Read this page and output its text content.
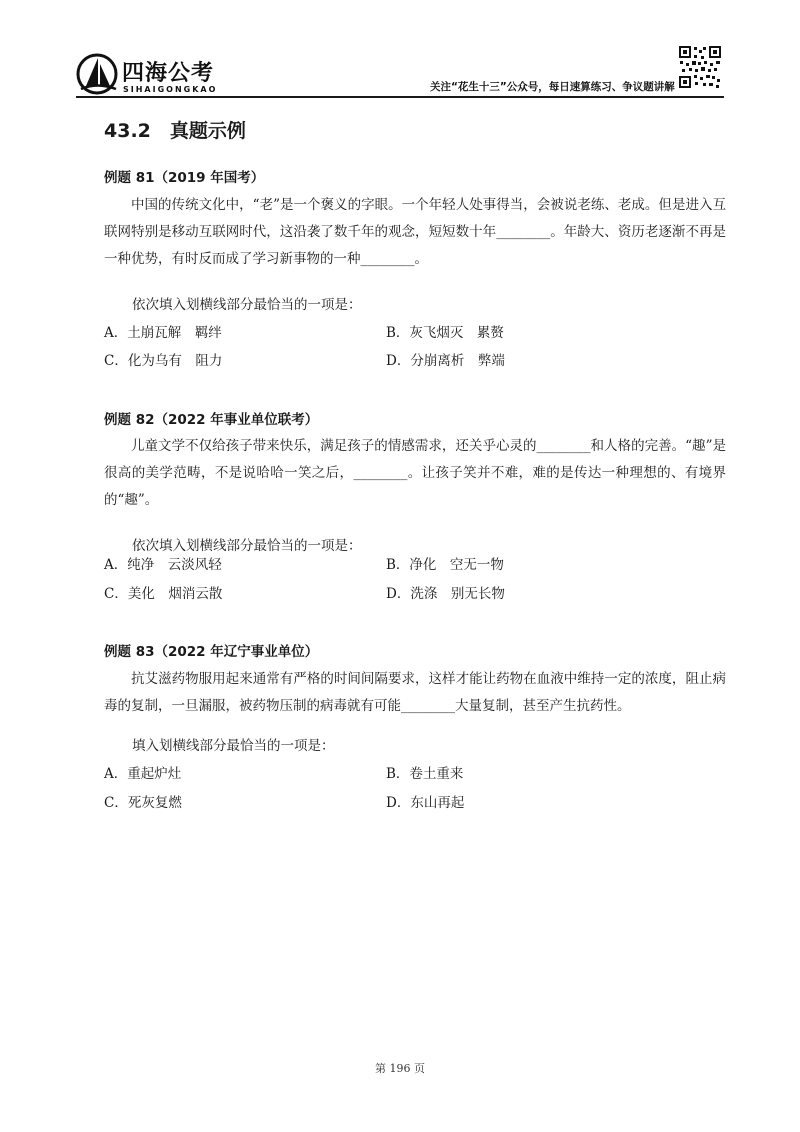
四海公考
SIHAIGONGKAO	关注“花生十三”公众号，每日速算练习、争议题讲解
43.2　真题示例
例题 81（2019 年国考）
中国的传统文化中，“老”是一个褒义的字眼。一个年轻人处事得当，会被说老练、老成。但是进入互联网特别是移动互联网时代，这沿袭了数千年的观念，短短数十年________。年龄大、资历老逐渐不再是一种优势，有时反而成了学习新事物的一种________。
依次填入划横线部分最恰当的一项是：
A．土崩瓦解　羁绊	B．灰飞烟灭　累赘
C．化为乌有　阻力	D．分崩离析　弊端
例题 82（2022 年事业单位联考）
儿童文学不仅给孩子带来快乐，满足孩子的情感需求，还关乎心灵的________和人格的完善。“趣”是很高的美学范畴，不是说哈哈一笑之后，________。让孩子笑并不难，难的是传达一种理想的、有境界的“趣”。
依次填入划横线部分最恰当的一项是：
A．纯净　云淡风轻	B．净化　空无一物
C．美化　烟消云散	D．洗涤　别无长物
例题 83（2022 年辽宁事业单位）
抗艾滋药物服用起来通常有严格的时间间隔要求，这样才能让药物在血液中维持一定的浓度，阻止病毒的复制，一旦漏服，被药物压制的病毒就有可能________大量复制，甚至产生抗药性。
填入划横线部分最恰当的一项是：
A．重起炉灶	B．卷土重来
C．死灰复燃	D．东山再起
第 196 页
